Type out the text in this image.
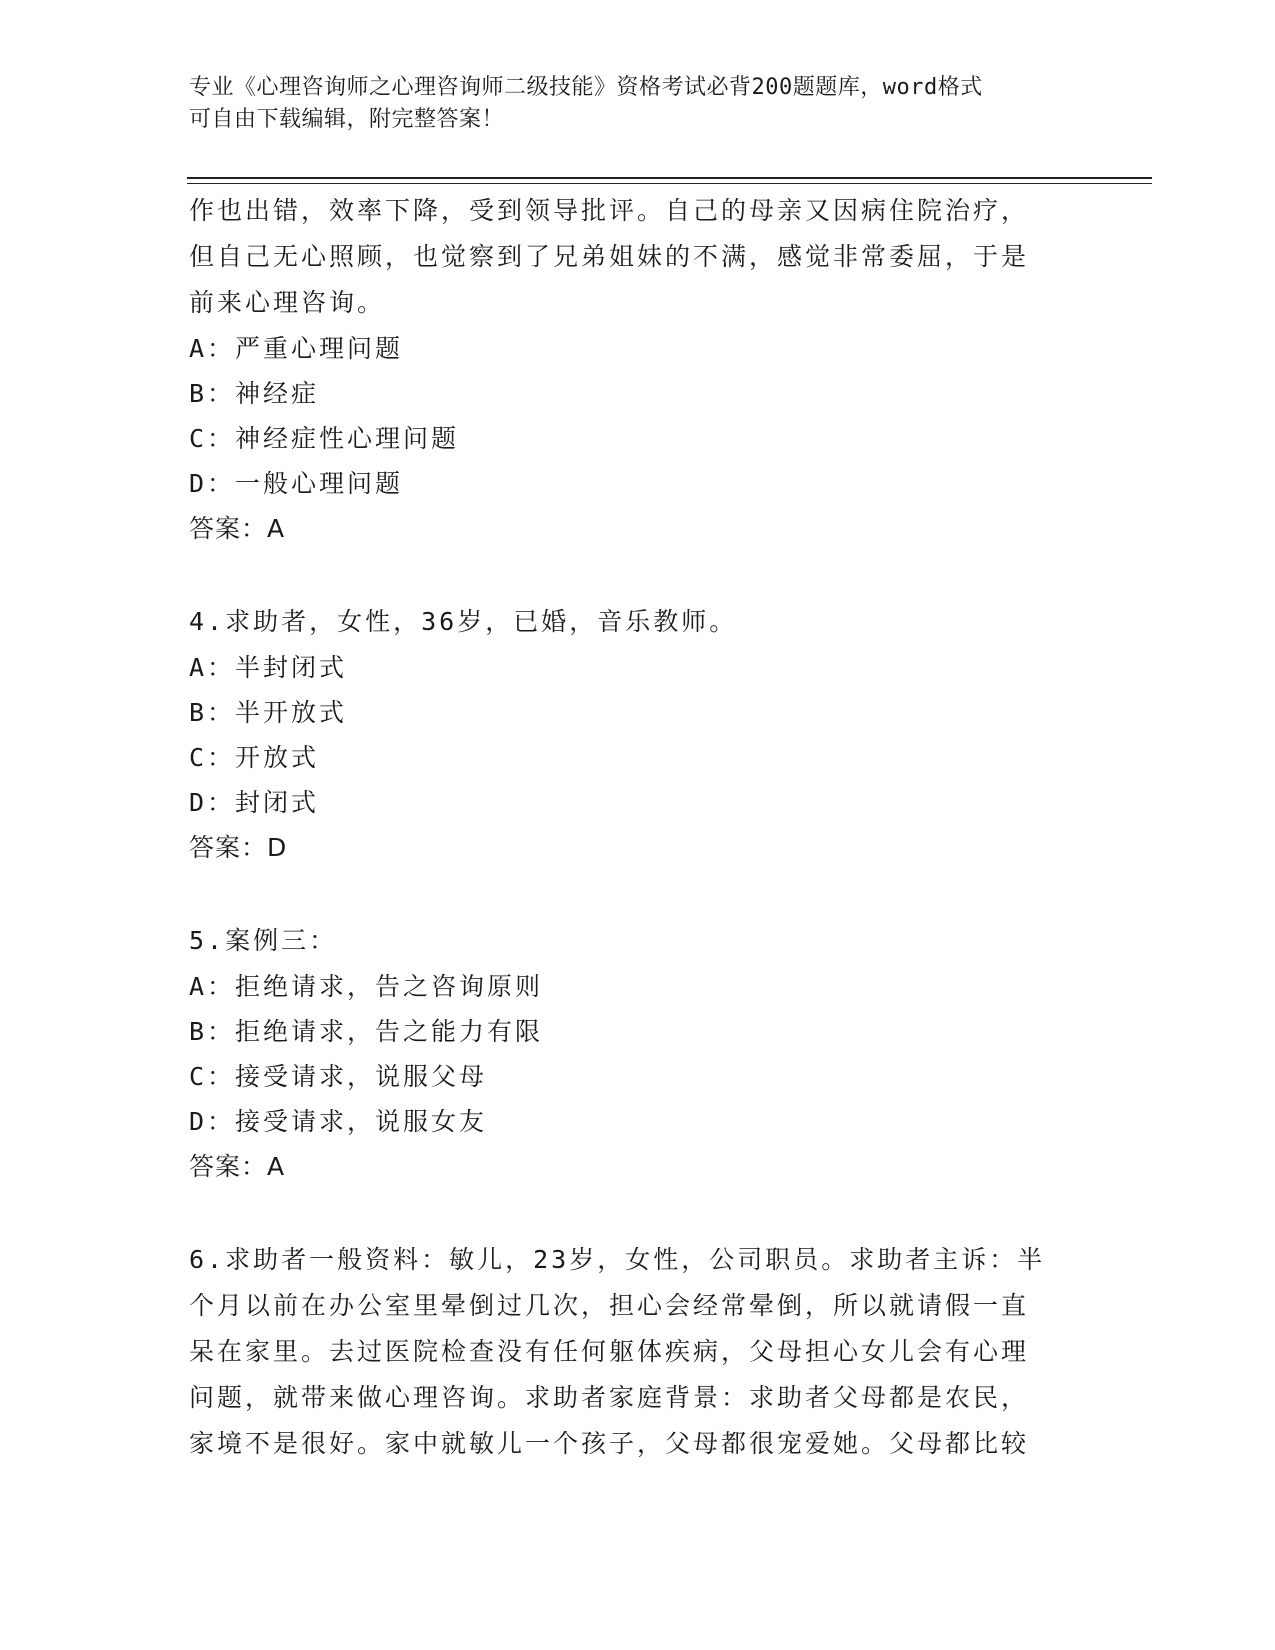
专业《心理咨询师之心理咨询师二级技能》资格考试必背200题题库，word格式
可自由下载编辑，附完整答案！

作也出错，效率下降，受到领导批评。自己的母亲又因病住院治疗，

但自己无心照顾，也觉察到了兄弟姐妹的不满，感觉非常委屈，于是

前来心理咨询。

A：严重心理问题

B：神经症

C：神经症性心理问题

D：一般心理问题

答案：A

4.求助者，女性，36岁，已婚，音乐教师。

A：半封闭式

B：半开放式

C：开放式

D：封闭式

答案：D

5.案例三：

A：拒绝请求，告之咨询原则

B：拒绝请求，告之能力有限

C：接受请求，说服父母

D：接受请求，说服女友

答案：A

6.求助者一般资料：敏儿，23岁，女性，公司职员。求助者主诉：半

个月以前在办公室里晕倒过几次，担心会经常晕倒，所以就请假一直

呆在家里。去过医院检查没有任何躯体疾病，父母担心女儿会有心理

问题，就带来做心理咨询。求助者家庭背景：求助者父母都是农民，

家境不是很好。家中就敏儿一个孩子，父母都很宠爱她。父母都比较
